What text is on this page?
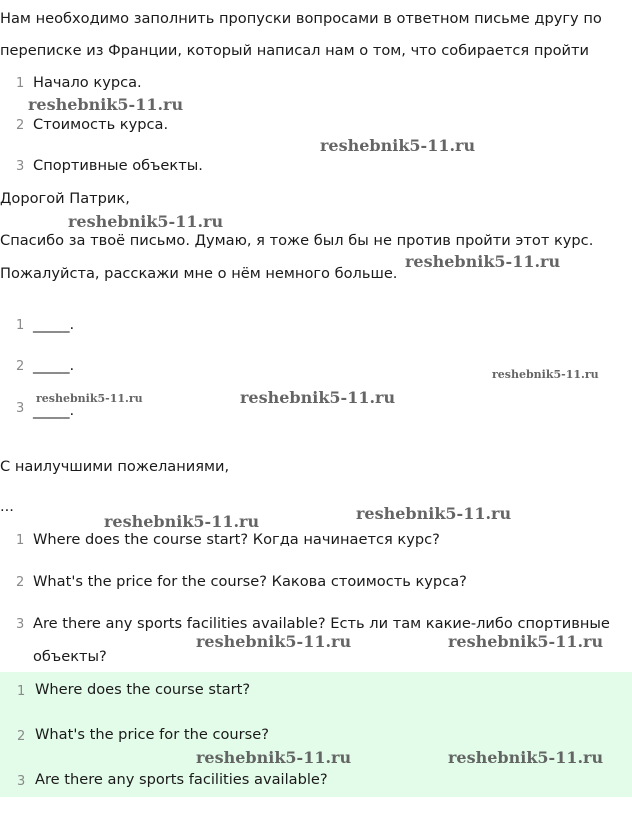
Нам необходимо заполнить пропуски вопросами в ответном письме другу по
переписке из Франции, который написал нам о том, что собирается пройти
1 Начало курса.
2 Стоимость курса.
3 Спортивные объекты.
Дорогой Патрик,
Спасибо за твоё письмо. Думаю, я тоже был бы не против пройти этот курс.
Пожалуйста, расскажи мне о нём немного больше.
1 _____.
2 _____.
3 _____.
С наилучшими пожеланиями,
...
1 Where does the course start? Когда начинается курс?
2 What's the price for the course? Какова стоимость курса?
3 Are there any sports facilities available? Есть ли там какие-либо спортивные
объекты?
1 Where does the course start?
2 What's the price for the course?
3 Are there any sports facilities available?
reshebnik5-11.ru
reshebnik5-11.ru
reshebnik5-11.ru
reshebnik5-11.ru
reshebnik5-11.ru
reshebnik5-11.ru	reshebnik5-11.ru
reshebnik5-11.ru
reshebnik5-11.ru
reshebnik5-11.ru	reshebnik5-11.ru
reshebnik5-11.ru	reshebnik5-11.ru
